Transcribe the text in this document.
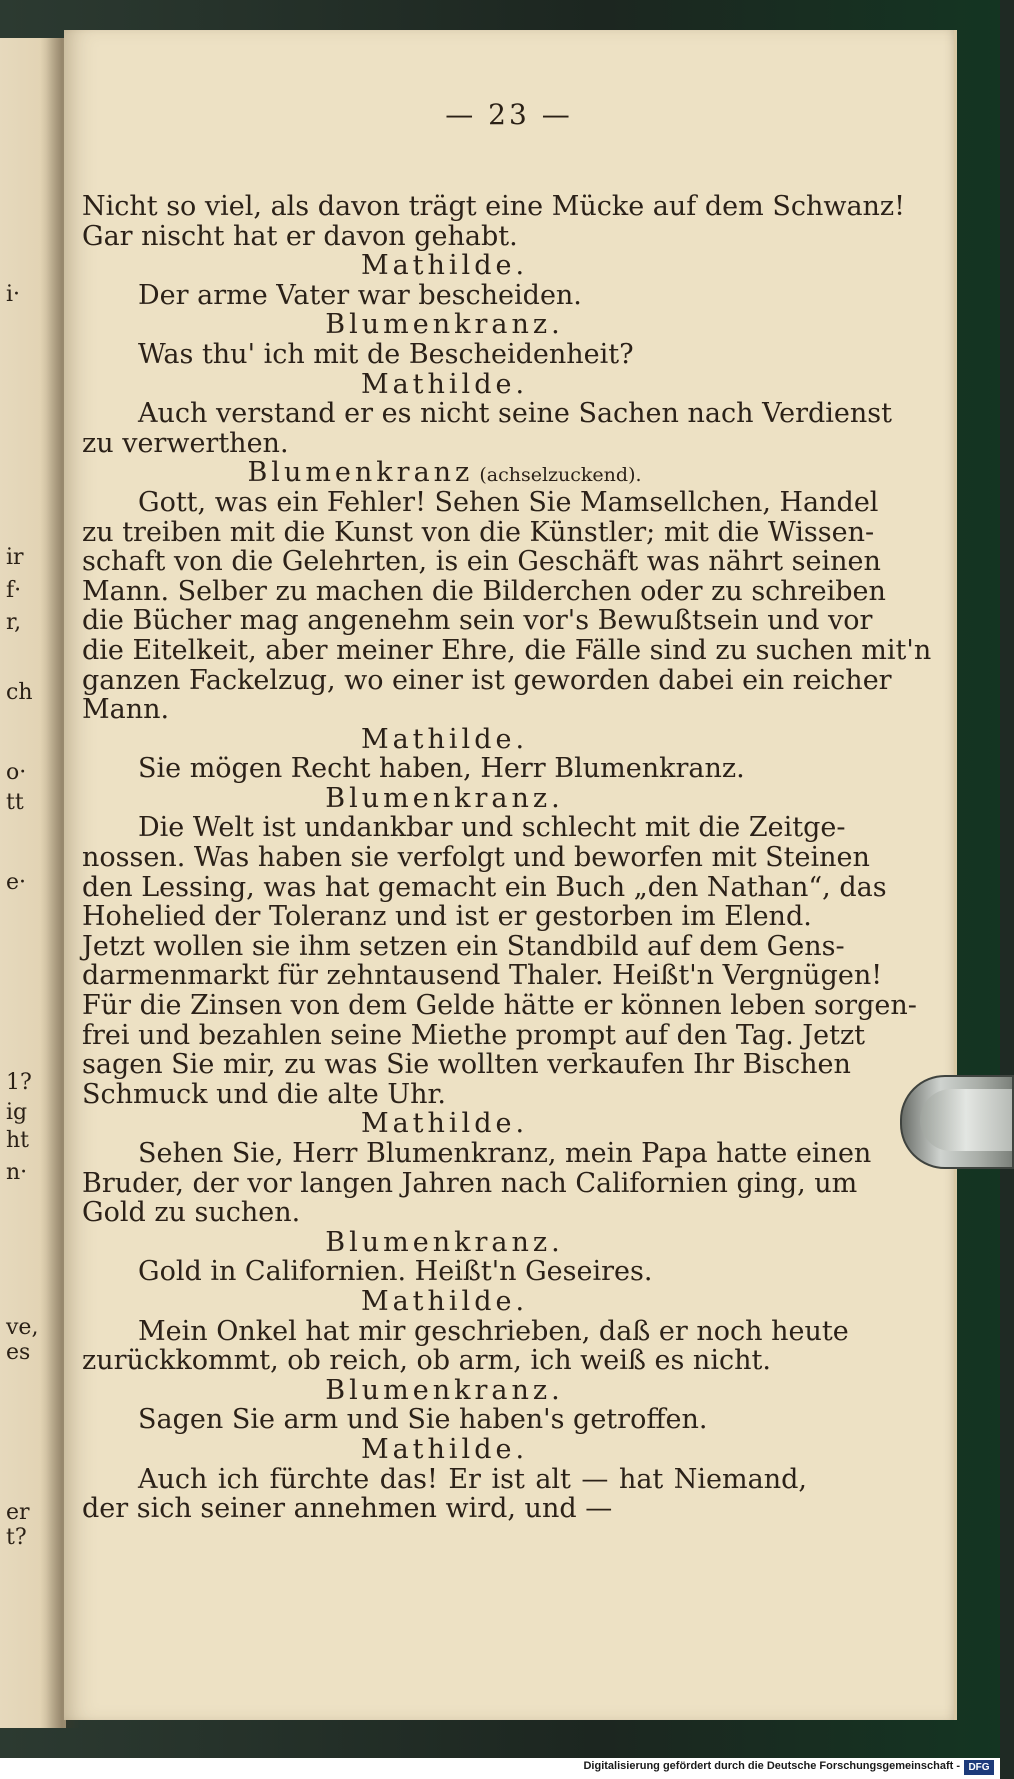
i·
ir
f·
r,
ch
o·
tt
e·
1?
ig
ht
n·
ve,
es
er
t?
— 23 —
Nicht so viel, als davon trägt eine Mücke auf dem Schwanz!
Gar nischt hat er davon gehabt.
Mathilde.
Der arme Vater war bescheiden.
Blumenkranz.
Was thu' ich mit de Bescheidenheit?
Mathilde.
Auch verstand er es nicht seine Sachen nach Verdienst
zu verwerthen.
Blumenkranz (achselzuckend).
Gott, was ein Fehler! Sehen Sie Mamsellchen, Handel
zu treiben mit die Kunst von die Künstler; mit die Wissen-
schaft von die Gelehrten, is ein Geschäft was nährt seinen
Mann. Selber zu machen die Bilderchen oder zu schreiben
die Bücher mag angenehm sein vor's Bewußtsein und vor
die Eitelkeit, aber meiner Ehre, die Fälle sind zu suchen mit'n
ganzen Fackelzug, wo einer ist geworden dabei ein reicher
Mann.
Mathilde.
Sie mögen Recht haben, Herr Blumenkranz.
Blumenkranz.
Die Welt ist undankbar und schlecht mit die Zeitge-
nossen. Was haben sie verfolgt und beworfen mit Steinen
den Lessing, was hat gemacht ein Buch „den Nathan“, das
Hohelied der Toleranz und ist er gestorben im Elend.
Jetzt wollen sie ihm setzen ein Standbild auf dem Gens-
darmenmarkt für zehntausend Thaler. Heißt'n Vergnügen!
Für die Zinsen von dem Gelde hätte er können leben sorgen-
frei und bezahlen seine Miethe prompt auf den Tag. Jetzt
sagen Sie mir, zu was Sie wollten verkaufen Ihr Bischen
Schmuck und die alte Uhr.
Mathilde.
Sehen Sie, Herr Blumenkranz, mein Papa hatte einen
Bruder, der vor langen Jahren nach Californien ging, um
Gold zu suchen.
Blumenkranz.
Gold in Californien. Heißt'n Geseires.
Mathilde.
Mein Onkel hat mir geschrieben, daß er noch heute
zurückkommt, ob reich, ob arm, ich weiß es nicht.
Blumenkranz.
Sagen Sie arm und Sie haben's getroffen.
Mathilde.
Auch ich fürchte das! Er ist alt — hat Niemand,
der sich seiner annehmen wird, und —
Digitalisierung gefördert durch die Deutsche Forschungsgemeinschaft - DFG
